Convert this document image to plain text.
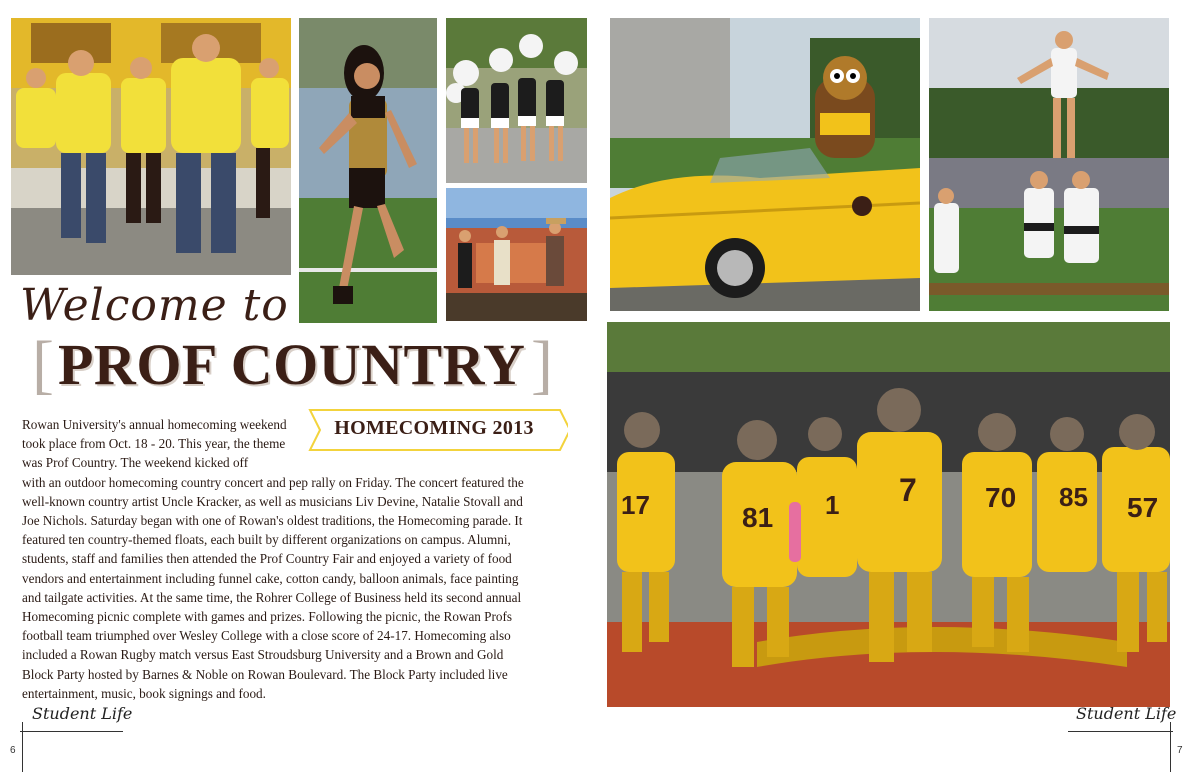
17	81 1 7 70 85 57
Welcome to
[ PROF COUNTRY ]
HOMECOMING 2013
Rowan University's annual homecoming weekend took place from Oct. 18 - 20. This year, the theme was Prof Country. The weekend kicked off
with an outdoor homecoming country concert and pep rally on Friday. The concert featured the well-known country artist Uncle Kracker, as well as musicians Liv Devine, Natalie Stovall and Joe Nichols. Saturday began with one of Rowan's oldest traditions, the Homecoming parade. It featured ten country-themed floats, each built by different organizations on campus. Alumni, students, staff and families then attended the Prof Country Fair and enjoyed a variety of food vendors and entertainment including funnel cake, cotton candy, balloon animals, face painting and tailgate activities. At the same time, the Rohrer College of Business held its second annual Homecoming picnic complete with games and prizes. Following the picnic, the Rowan Profs football team triumphed over Wesley College with a close score of 24-17. Homecoming also included a Rowan Rugby match versus East Stroudsburg University and a Brown and Gold Block Party hosted by Barnes & Noble on Rowan Boulevard. The Block Party included live entertainment, music, book signings and food.
Student Life
6
Student Life
7
